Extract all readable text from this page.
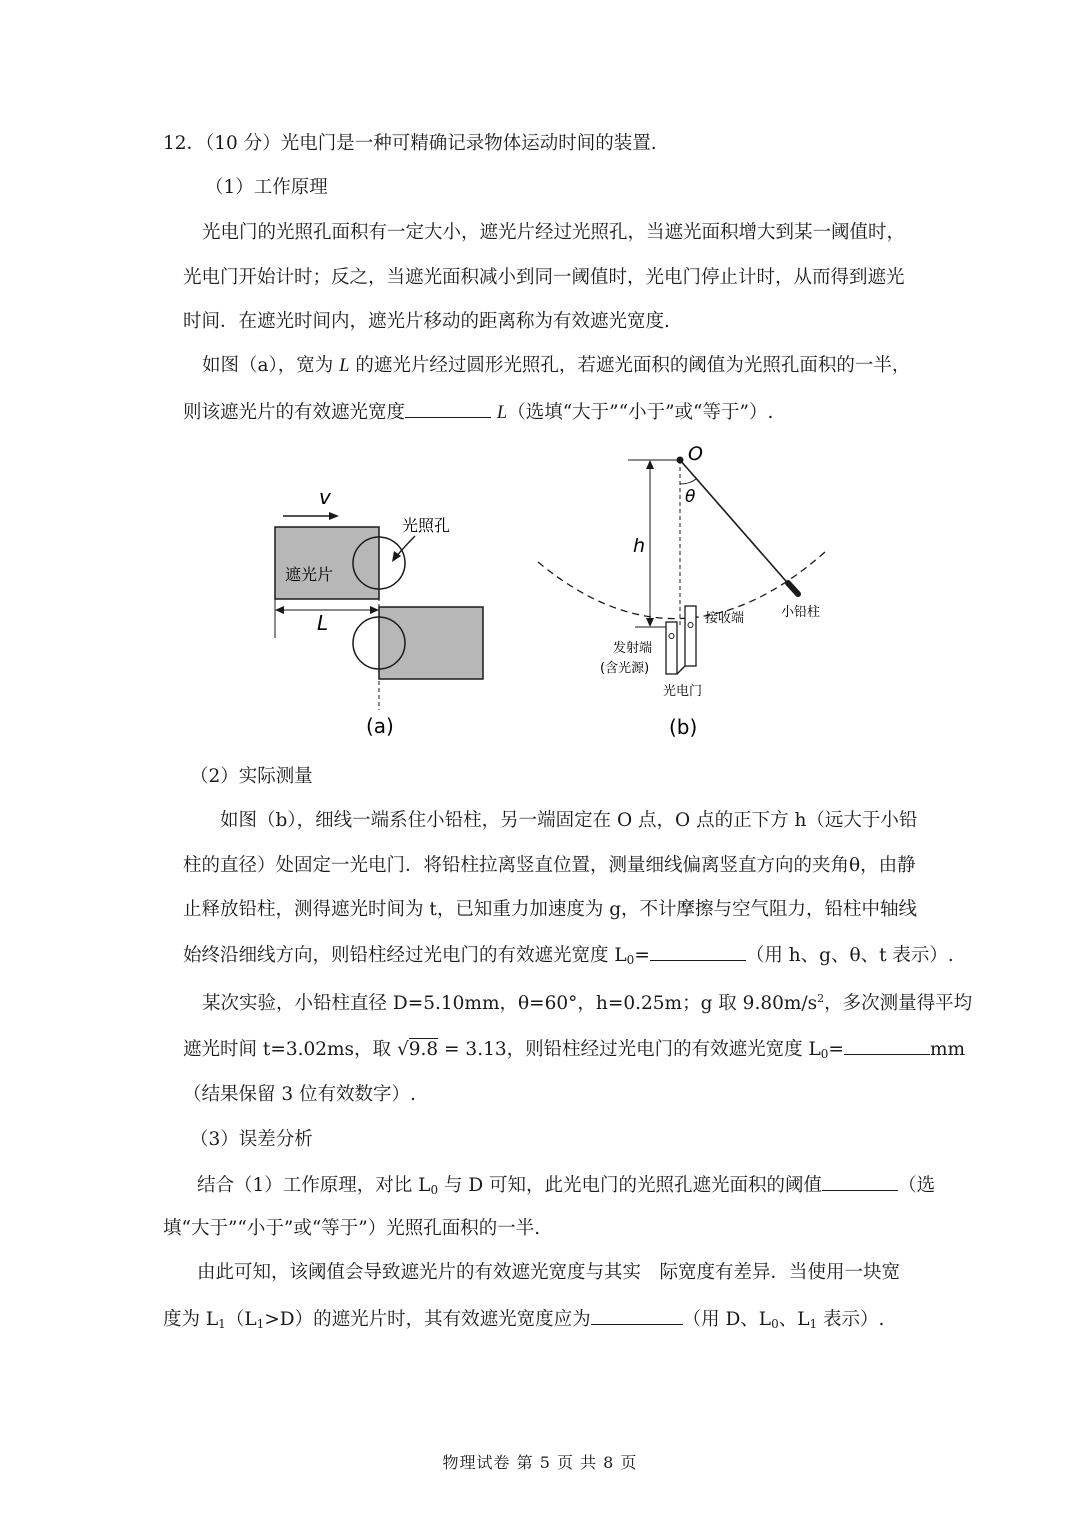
12．（10 分）光电门是一种可精确记录物体运动时间的装置.
（1）工作原理
光电门的光照孔面积有一定大小，遮光片经过光照孔，当遮光面积增大到某一阈值时，
光电门开始计时；反之，当遮光面积减小到同一阈值时，光电门停止计时，从而得到遮光
时间．在遮光时间内，遮光片移动的距离称为有效遮光宽度.
如图（a），宽为 L 的遮光片经过圆形光照孔，若遮光面积的阈值为光照孔面积的一半，
则该遮光片的有效遮光宽度	L（选填“大于”“小于”或“等于”）.
v
遮光片
光照孔
L
(a)
O
小铅柱
θ
h
接收端
发射端
(含光源)
光电门
(b)
（2）实际测量
如图（b），细线一端系住小铅柱，另一端固定在 O 点，O 点的正下方 h（远大于小铅
柱的直径）处固定一光电门．将铅柱拉离竖直位置，测量细线偏离竖直方向的夹角θ，由静
止释放铅柱，测得遮光时间为 t，已知重力加速度为 g，不计摩擦与空气阻力，铅柱中轴线
始终沿细线方向，则铅柱经过光电门的有效遮光宽度 $L_0=$	（用 h、g、θ、t 表示）.
某次实验，小铅柱直径 D=5.10mm，θ=60°，h=0.25m；g 取 $9.80m/s^2$，多次测量得平均
遮光时间 t=3.02ms，取 √9.8 = 3.13，则铅柱经过光电门的有效遮光宽度 $L_0=$	mm
（结果保留 3 位有效数字）.
（3）误差分析
结合（1）工作原理，对比 $L_0$ 与 D 可知，此光电门的光照孔遮光面积的阈值	（选
填“大于”“小于”或“等于”）光照孔面积的一半.
由此可知，该阈值会导致遮光片的有效遮光宽度与其实　际宽度有差异．当使用一块宽
度为 $L_1(L_1>D)$的遮光片时，其有效遮光宽度应为	（用 D、$L_0$、$L_1$ 表示）.
物理试卷 第 5 页 共 8 页
